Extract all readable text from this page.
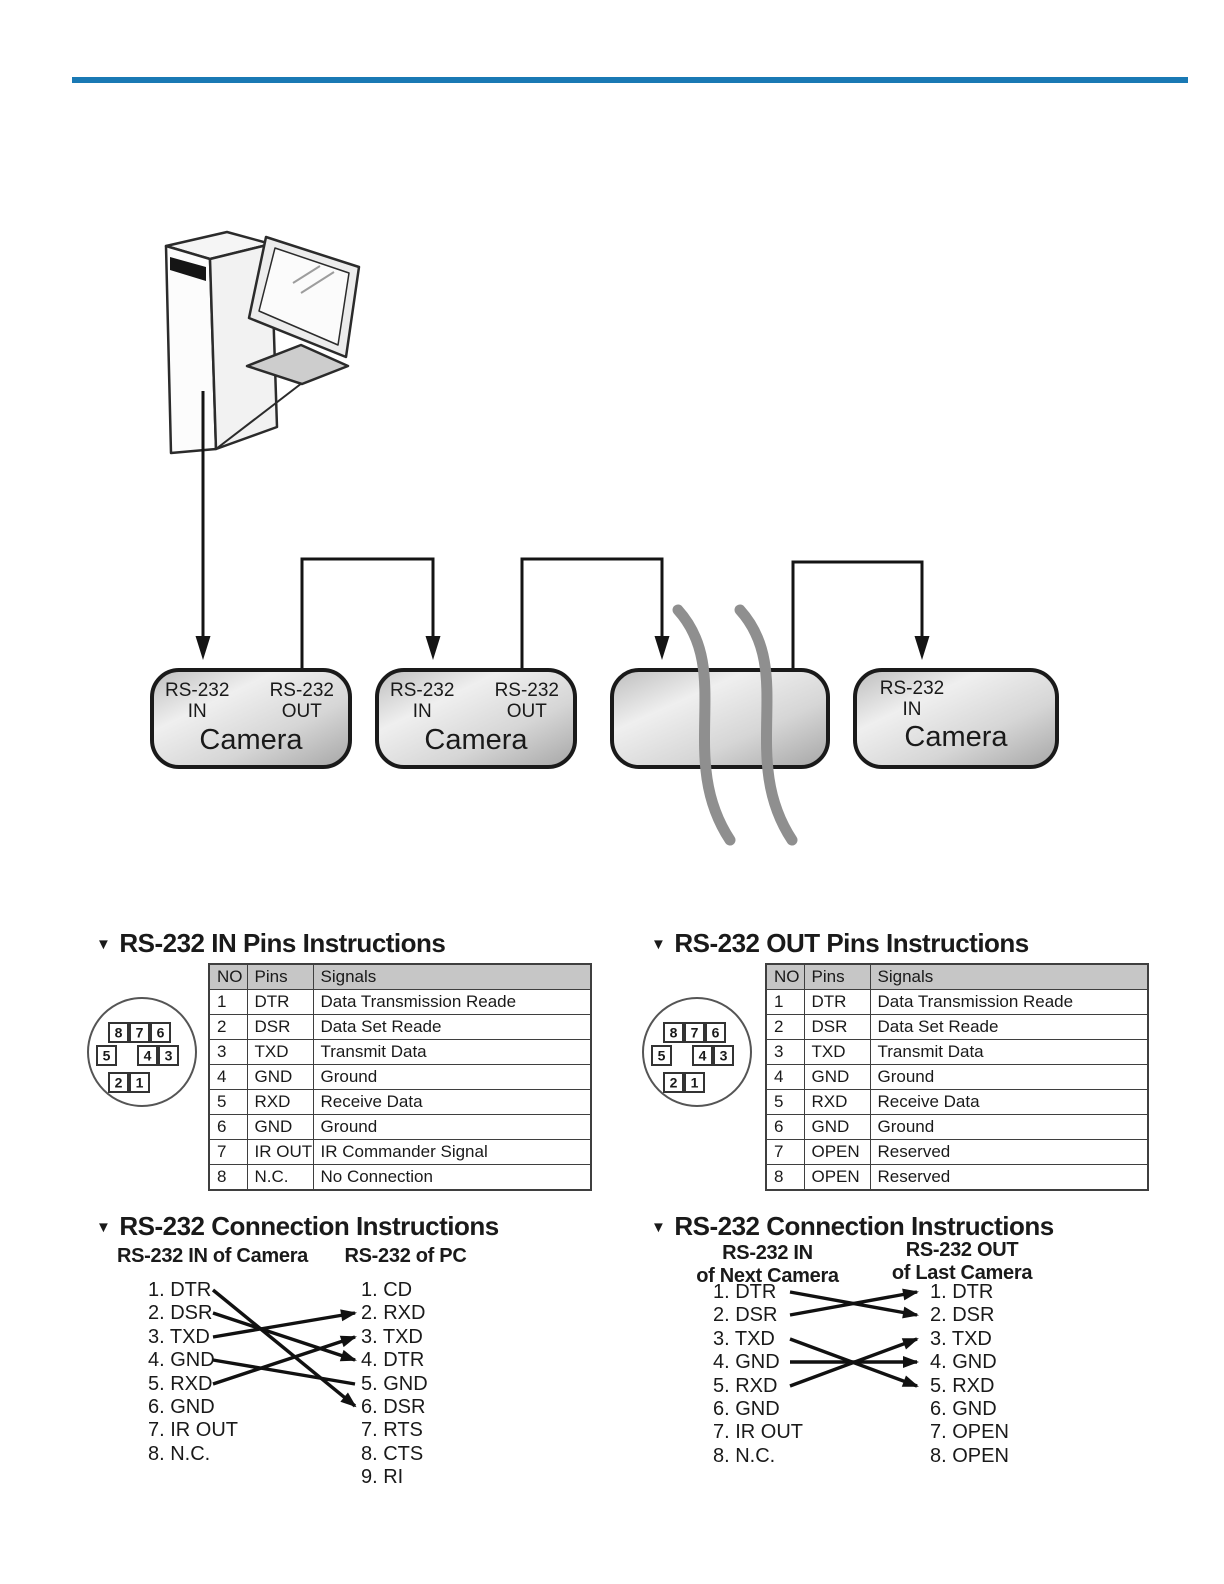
RS-232
IN
RS-232
OUT
Camera
RS-232
IN
RS-232
OUT
Camera
RS-232
IN
Camera
▼ RS-232 IN Pins Instructions	▼ RS-232 OUT Pins Instructions
8 7 6
5 4 3
2 1
8 7 6
5 4 3
2 1
NO	Pins	Signals
1	DTR	Data Transmission Reade
2	DSR	Data Set Reade
3	TXD	Transmit Data
4	GND	Ground
5	RXD	Receive Data
6	GND	Ground
7	IR OUT	IR Commander Signal
8	N.C.	No Connection
NO	Pins	Signals
1	DTR	Data Transmission Reade
2	DSR	Data Set Reade
3	TXD	Transmit Data
4	GND	Ground
5	RXD	Receive Data
6	GND	Ground
7	OPEN	Reserved
8	OPEN	Reserved
▼ RS-232 Connection Instructions
RS-232 IN of Camera	RS-232 of PC
1. DTR
2. DSR
3. TXD
4. GND
5. RXD
6. GND
7. IR OUT
8. N.C.
1. CD
2. RXD
3. TXD
4. DTR
5. GND
6. DSR
7. RTS
8. CTS
9. RI
▼ RS-232 Connection Instructions
RS-232 IN
of Next Camera
RS-232 OUT
of Last Camera
1. DTR
2. DSR
3. TXD
4. GND
5. RXD
6. GND
7. IR OUT
8. N.C.
1. DTR
2. DSR
3. TXD
4. GND
5. RXD
6. GND
7. OPEN
8. OPEN
